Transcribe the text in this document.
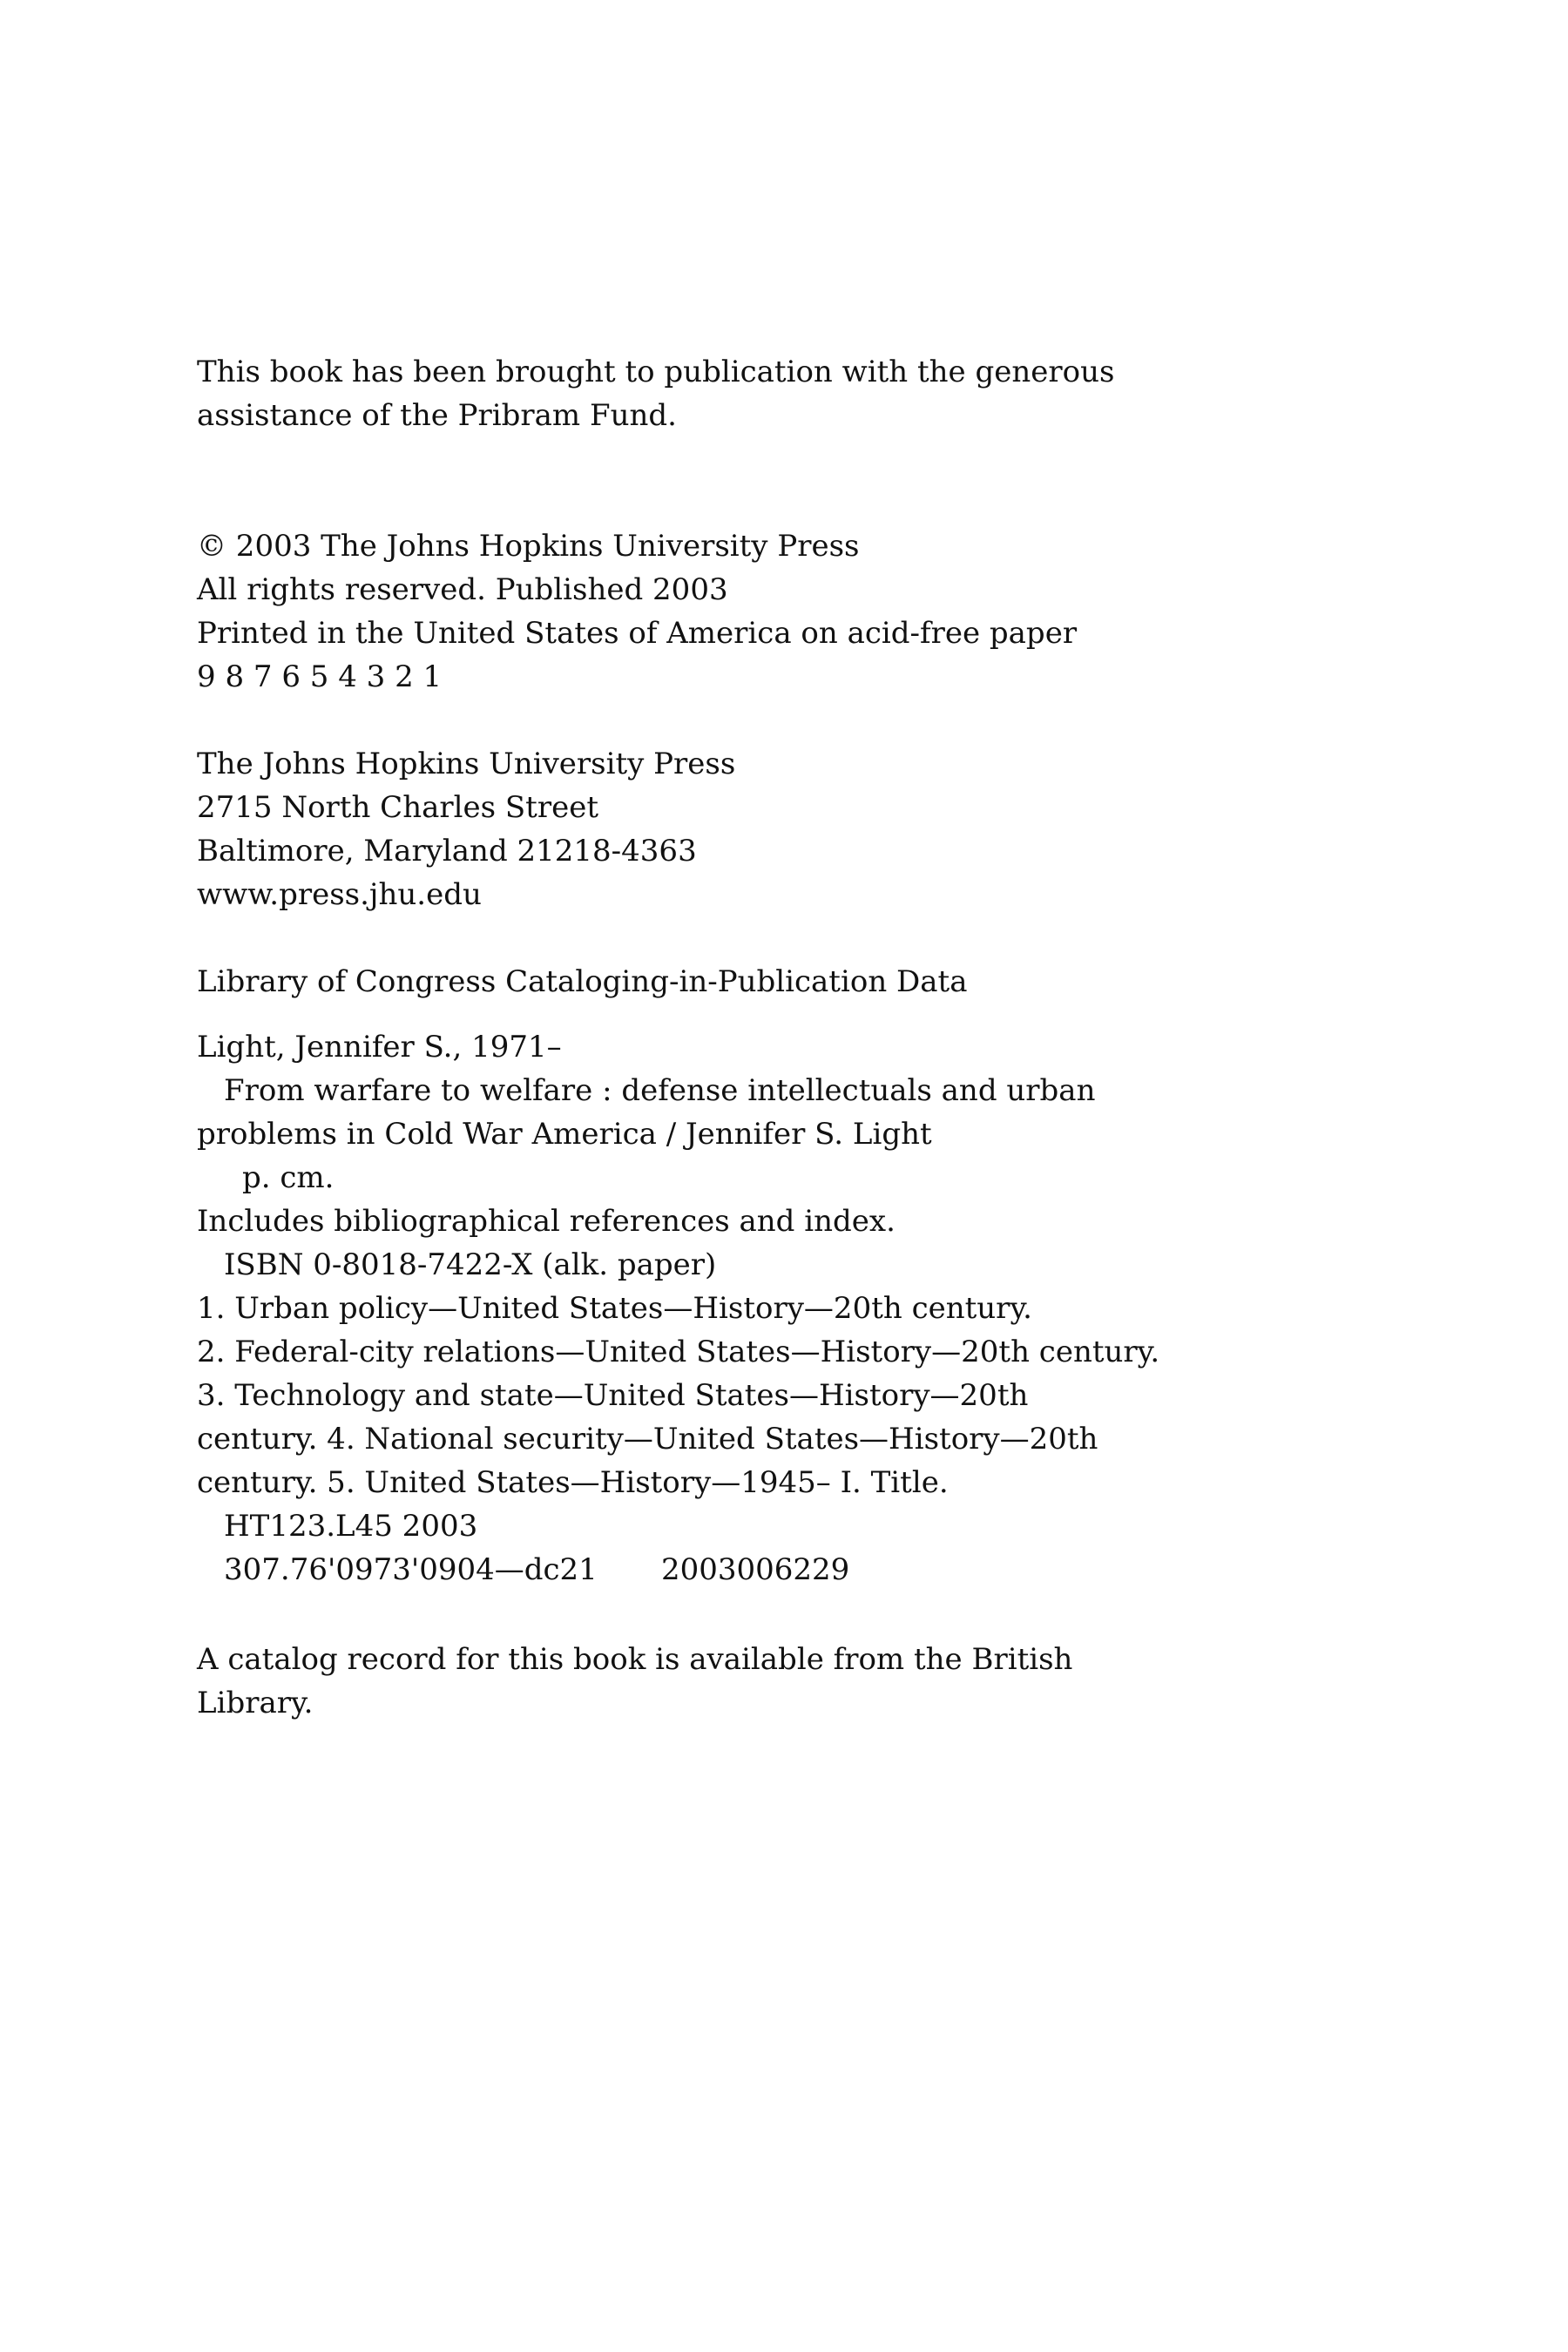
This book has been brought to publication with the generous
assistance of the Pribram Fund.
© 2003 The Johns Hopkins University Press
All rights reserved. Published 2003
Printed in the United States of America on acid-free paper
9 8 7 6 5 4 3 2 1
The Johns Hopkins University Press
2715 North Charles Street
Baltimore, Maryland 21218-4363
www.press.jhu.edu
Library of Congress Cataloging-in-Publication Data
Light, Jennifer S., 1971–
From warfare to welfare : defense intellectuals and urban
problems in Cold War America / Jennifer S. Light
p. cm.
Includes bibliographical references and index.
ISBN 0-8018-7422-X (alk. paper)
1. Urban policy—United States—History—20th century.
2. Federal-city relations—United States—History—20th century.
3. Technology and state—United States—History—20th
century. 4. National security—United States—History—20th
century. 5. United States—History—1945– I. Title.
HT123.L45 2003
307.76'0973'0904—dc21 2003006229
A catalog record for this book is available from the British
Library.
